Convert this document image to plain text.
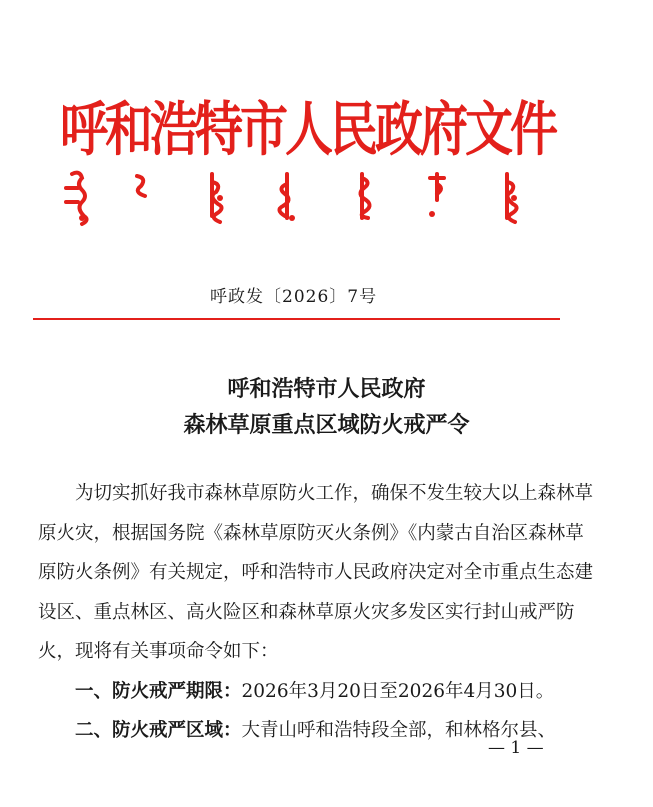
呼和浩特市人民政府文件
呼政发〔2026〕7号
呼和浩特市人民政府
森林草原重点区域防火戒严令

为切实抓好我市森林草原防火工作，确保不发生较大以上森林草原火灾，根据国务院《森林草原防灭火条例》《内蒙古自治区森林草原防火条例》有关规定，呼和浩特市人民政府决定对全市重点生态建设区、重点林区、高火险区和森林草原火灾多发区实行封山戒严防火，现将有关事项命令如下：

一、防火戒严期限：2026年3月20日至2026年4月30日。

二、防火戒严区域：大青山呼和浩特段全部，和林格尔县、

— 1 —
